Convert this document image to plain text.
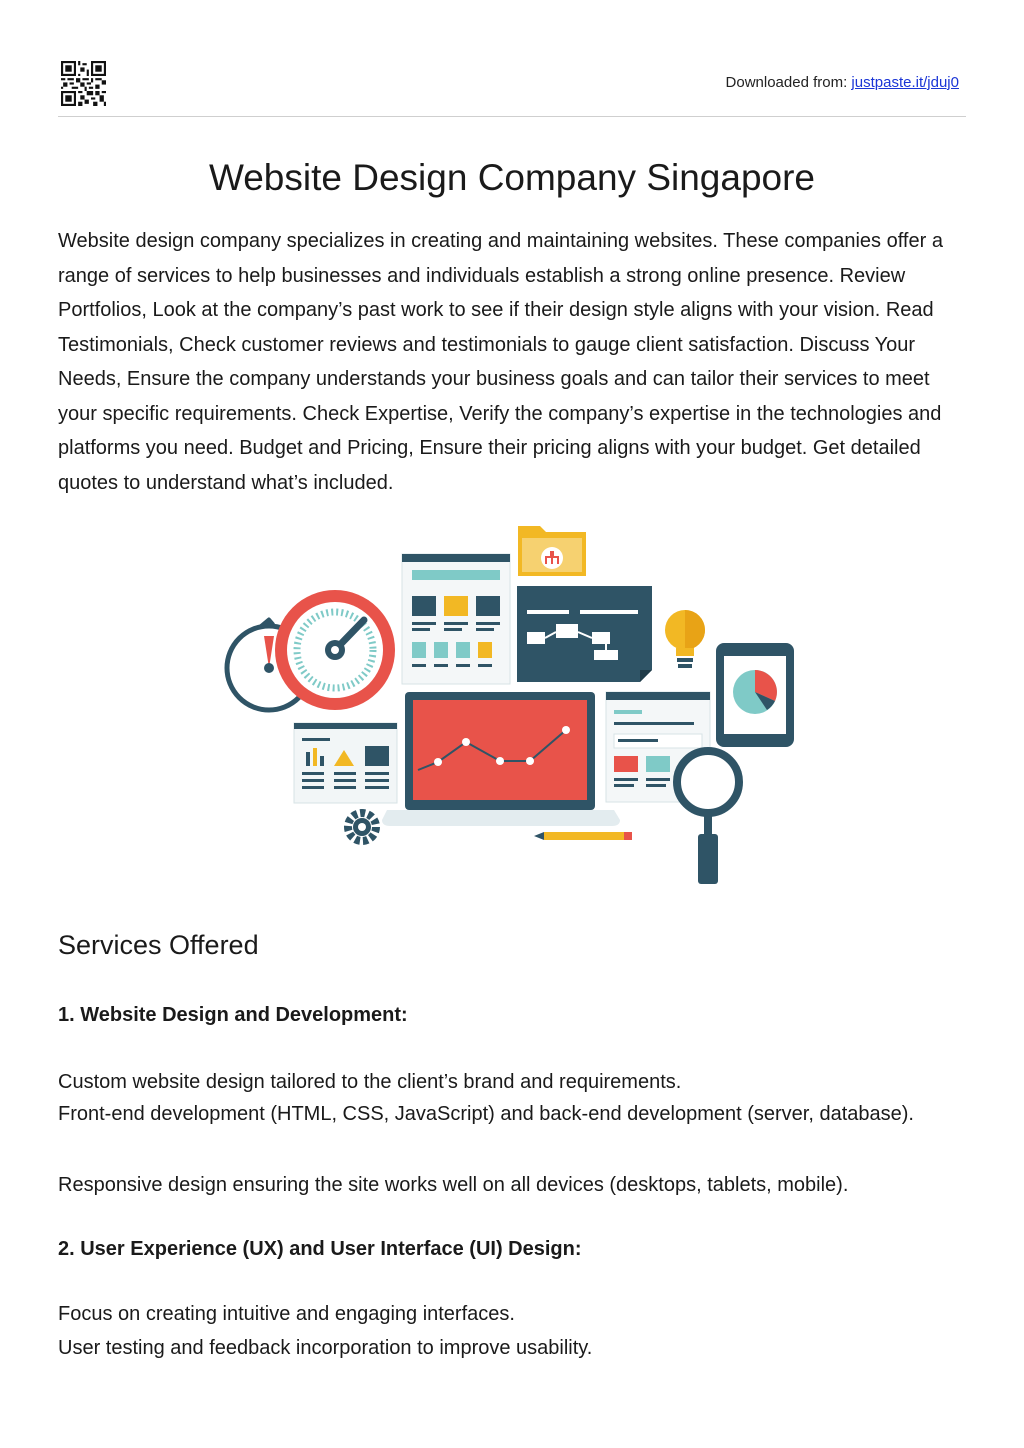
Downloaded from: justpaste.it/jduj0
Website Design Company Singapore

Website design company specializes in creating and maintaining websites. These companies offer a range of services to help businesses and individuals establish a strong online presence. Review Portfolios, Look at the company’s past work to see if their design style aligns with your vision. Read Testimonials, Check customer reviews and testimonials to gauge client satisfaction. Discuss Your Needs, Ensure the company understands your business goals and can tailor their services to meet your specific requirements. Check Expertise, Verify the company’s expertise in the technologies and platforms you need. Budget and Pricing, Ensure their pricing aligns with your budget. Get detailed quotes to understand what’s included.

Services Offered
1. Website Design and Development:

Custom website design tailored to the client’s brand and requirements.

Front-end development (HTML, CSS, JavaScript) and back-end development (server, database).

Responsive design ensuring the site works well on all devices (desktops, tablets, mobile).

2. User Experience (UX) and User Interface (UI) Design:

Focus on creating intuitive and engaging interfaces.

User testing and feedback incorporation to improve usability.
